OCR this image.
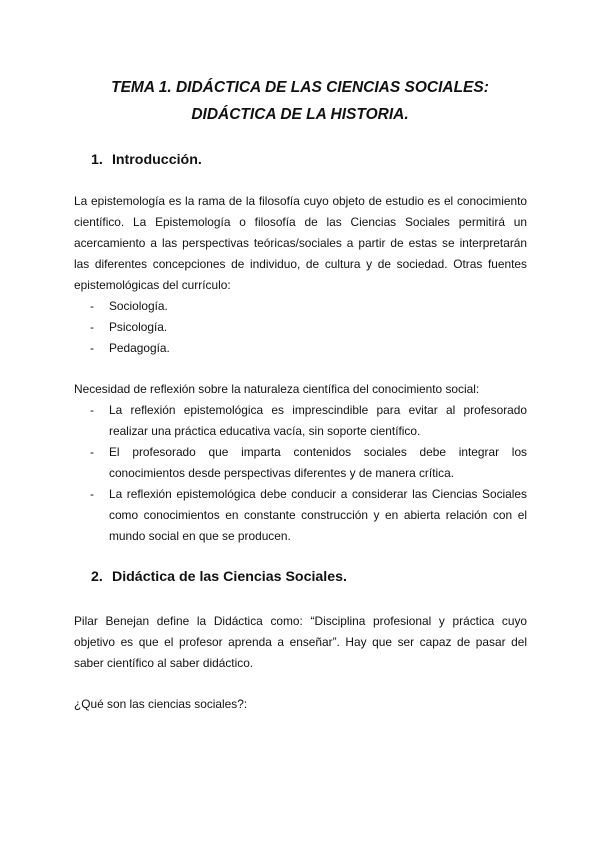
TEMA 1. DIDÁCTICA DE LAS CIENCIAS SOCIALES:
DIDÁCTICA DE LA HISTORIA.
1. Introducción.

La epistemología es la rama de la filosofía cuyo objeto de estudio es el conocimiento científico. La Epistemología o filosofía de las Ciencias Sociales permitirá un acercamiento a las perspectivas teóricas/sociales a partir de estas se interpretarán las diferentes concepciones de individuo, de cultura y de sociedad. Otras fuentes epistemológicas del currículo:

- Sociología.
- Psicología.
- Pedagogía.

Necesidad de reflexión sobre la naturaleza científica del conocimiento social:

- La reflexión epistemológica es imprescindible para evitar al profesorado realizar una práctica educativa vacía, sin soporte científico.
- El profesorado que imparta contenidos sociales debe integrar los conocimientos desde perspectivas diferentes y de manera crítica.
- La reflexión epistemológica debe conducir a considerar las Ciencias Sociales como conocimientos en constante construcción y en abierta relación con el mundo social en que se producen.
2. Didáctica de las Ciencias Sociales.

Pilar Benejan define la Didáctica como: “Disciplina profesional y práctica cuyo objetivo es que el profesor aprenda a enseñar”. Hay que ser capaz de pasar del saber científico al saber didáctico.

¿Qué son las ciencias sociales?:
